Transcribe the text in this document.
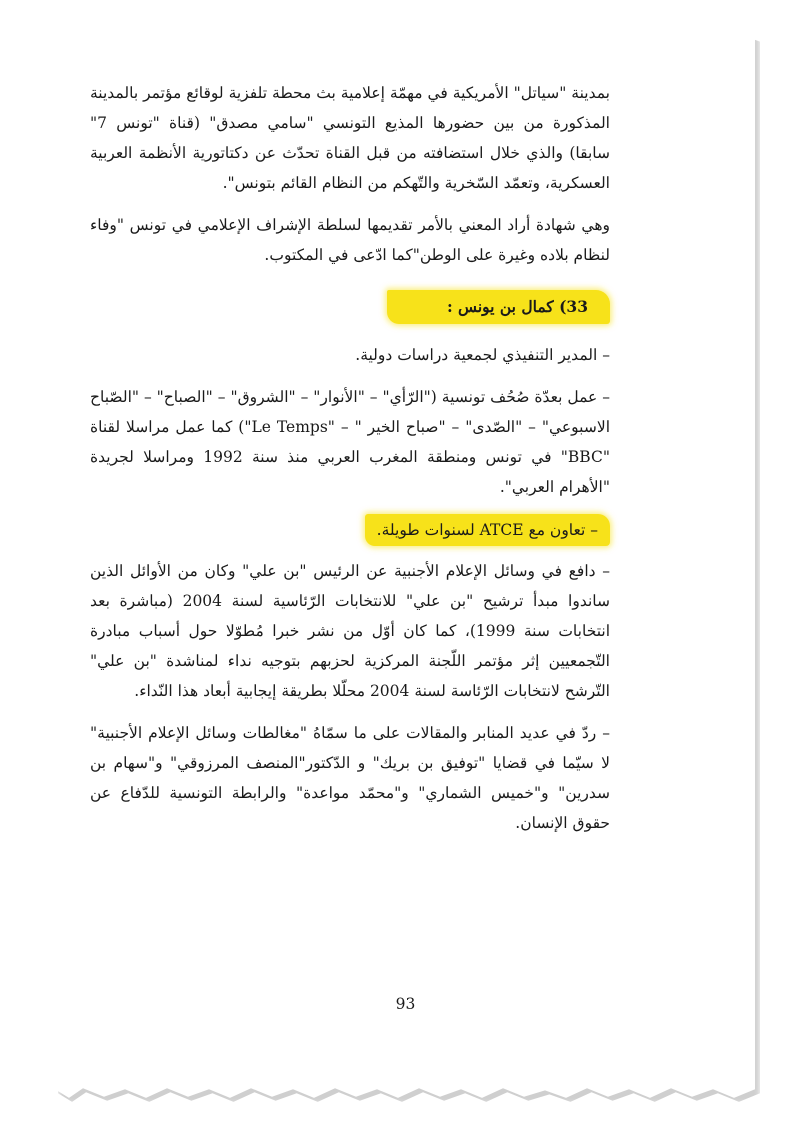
بمدينة "سياتل" الأمريكية في مهمّة إعلامية بث محطة تلفزية لوقائع مؤتمر بالمدينة المذكورة من بين حضورها المذيع التونسي "سامي مصدق" (قناة "تونس 7" سابقا) والذي خلال استضافته من قبل القناة تحدّث عن دكتاتورية الأنظمة العربية العسكرية، وتعمّد السّخرية والتّهكم من النظام القائم بتونس".

وهي شهادة أراد المعني بالأمر تقديمها لسلطة الإشراف الإعلامي في تونس "وفاء لنظام بلاده وغيرة على الوطن"كما ادّعى في المكتوب.

33) كمال بن يونس :

– المدير التنفيذي لجمعية دراسات دولية.

– عمل بعدّة صُحُف تونسية ("الرّأي" – "الأنوار" – "الشروق" – "الصباح" – "الصّباح الاسبوعي" – "الصّدى" – "صباح الخير " – "Le Temps") كما عمل مراسلا لقناة "BBC" في تونس ومنطقة المغرب العربي منذ سنة 1992 ومراسلا لجريدة "الأهرام العربي".

– تعاون مع ATCE لسنوات طويلة.

– دافع في وسائل الإعلام الأجنبية عن الرئيس "بن علي" وكان من الأوائل الذين ساندوا مبدأ ترشيح "بن علي" للانتخابات الرّئاسية لسنة 2004 (مباشرة بعد انتخابات سنة 1999)، كما كان أوّل من نشر خبرا مُطوّلا حول أسباب مبادرة التّجمعيين إثر مؤتمر اللّجنة المركزية لحزبهم بتوجيه نداء لمناشدة "بن علي" التّرشح لانتخابات الرّئاسة لسنة 2004 محلّلا بطريقة إيجابية أبعاد هذا النّداء.

– ردّ في عديد المنابر والمقالات على ما سمّاهُ "مغالطات وسائل الإعلام الأجنبية" لا سيّما في قضايا "توفيق بن بريك" و الدّكتور"المنصف المرزوقي" و"سهام بن سدرين" و"خميس الشماري" و"محمّد مواعدة" والرابطة التونسية للدّفاع عن حقوق الإنسان.

93
